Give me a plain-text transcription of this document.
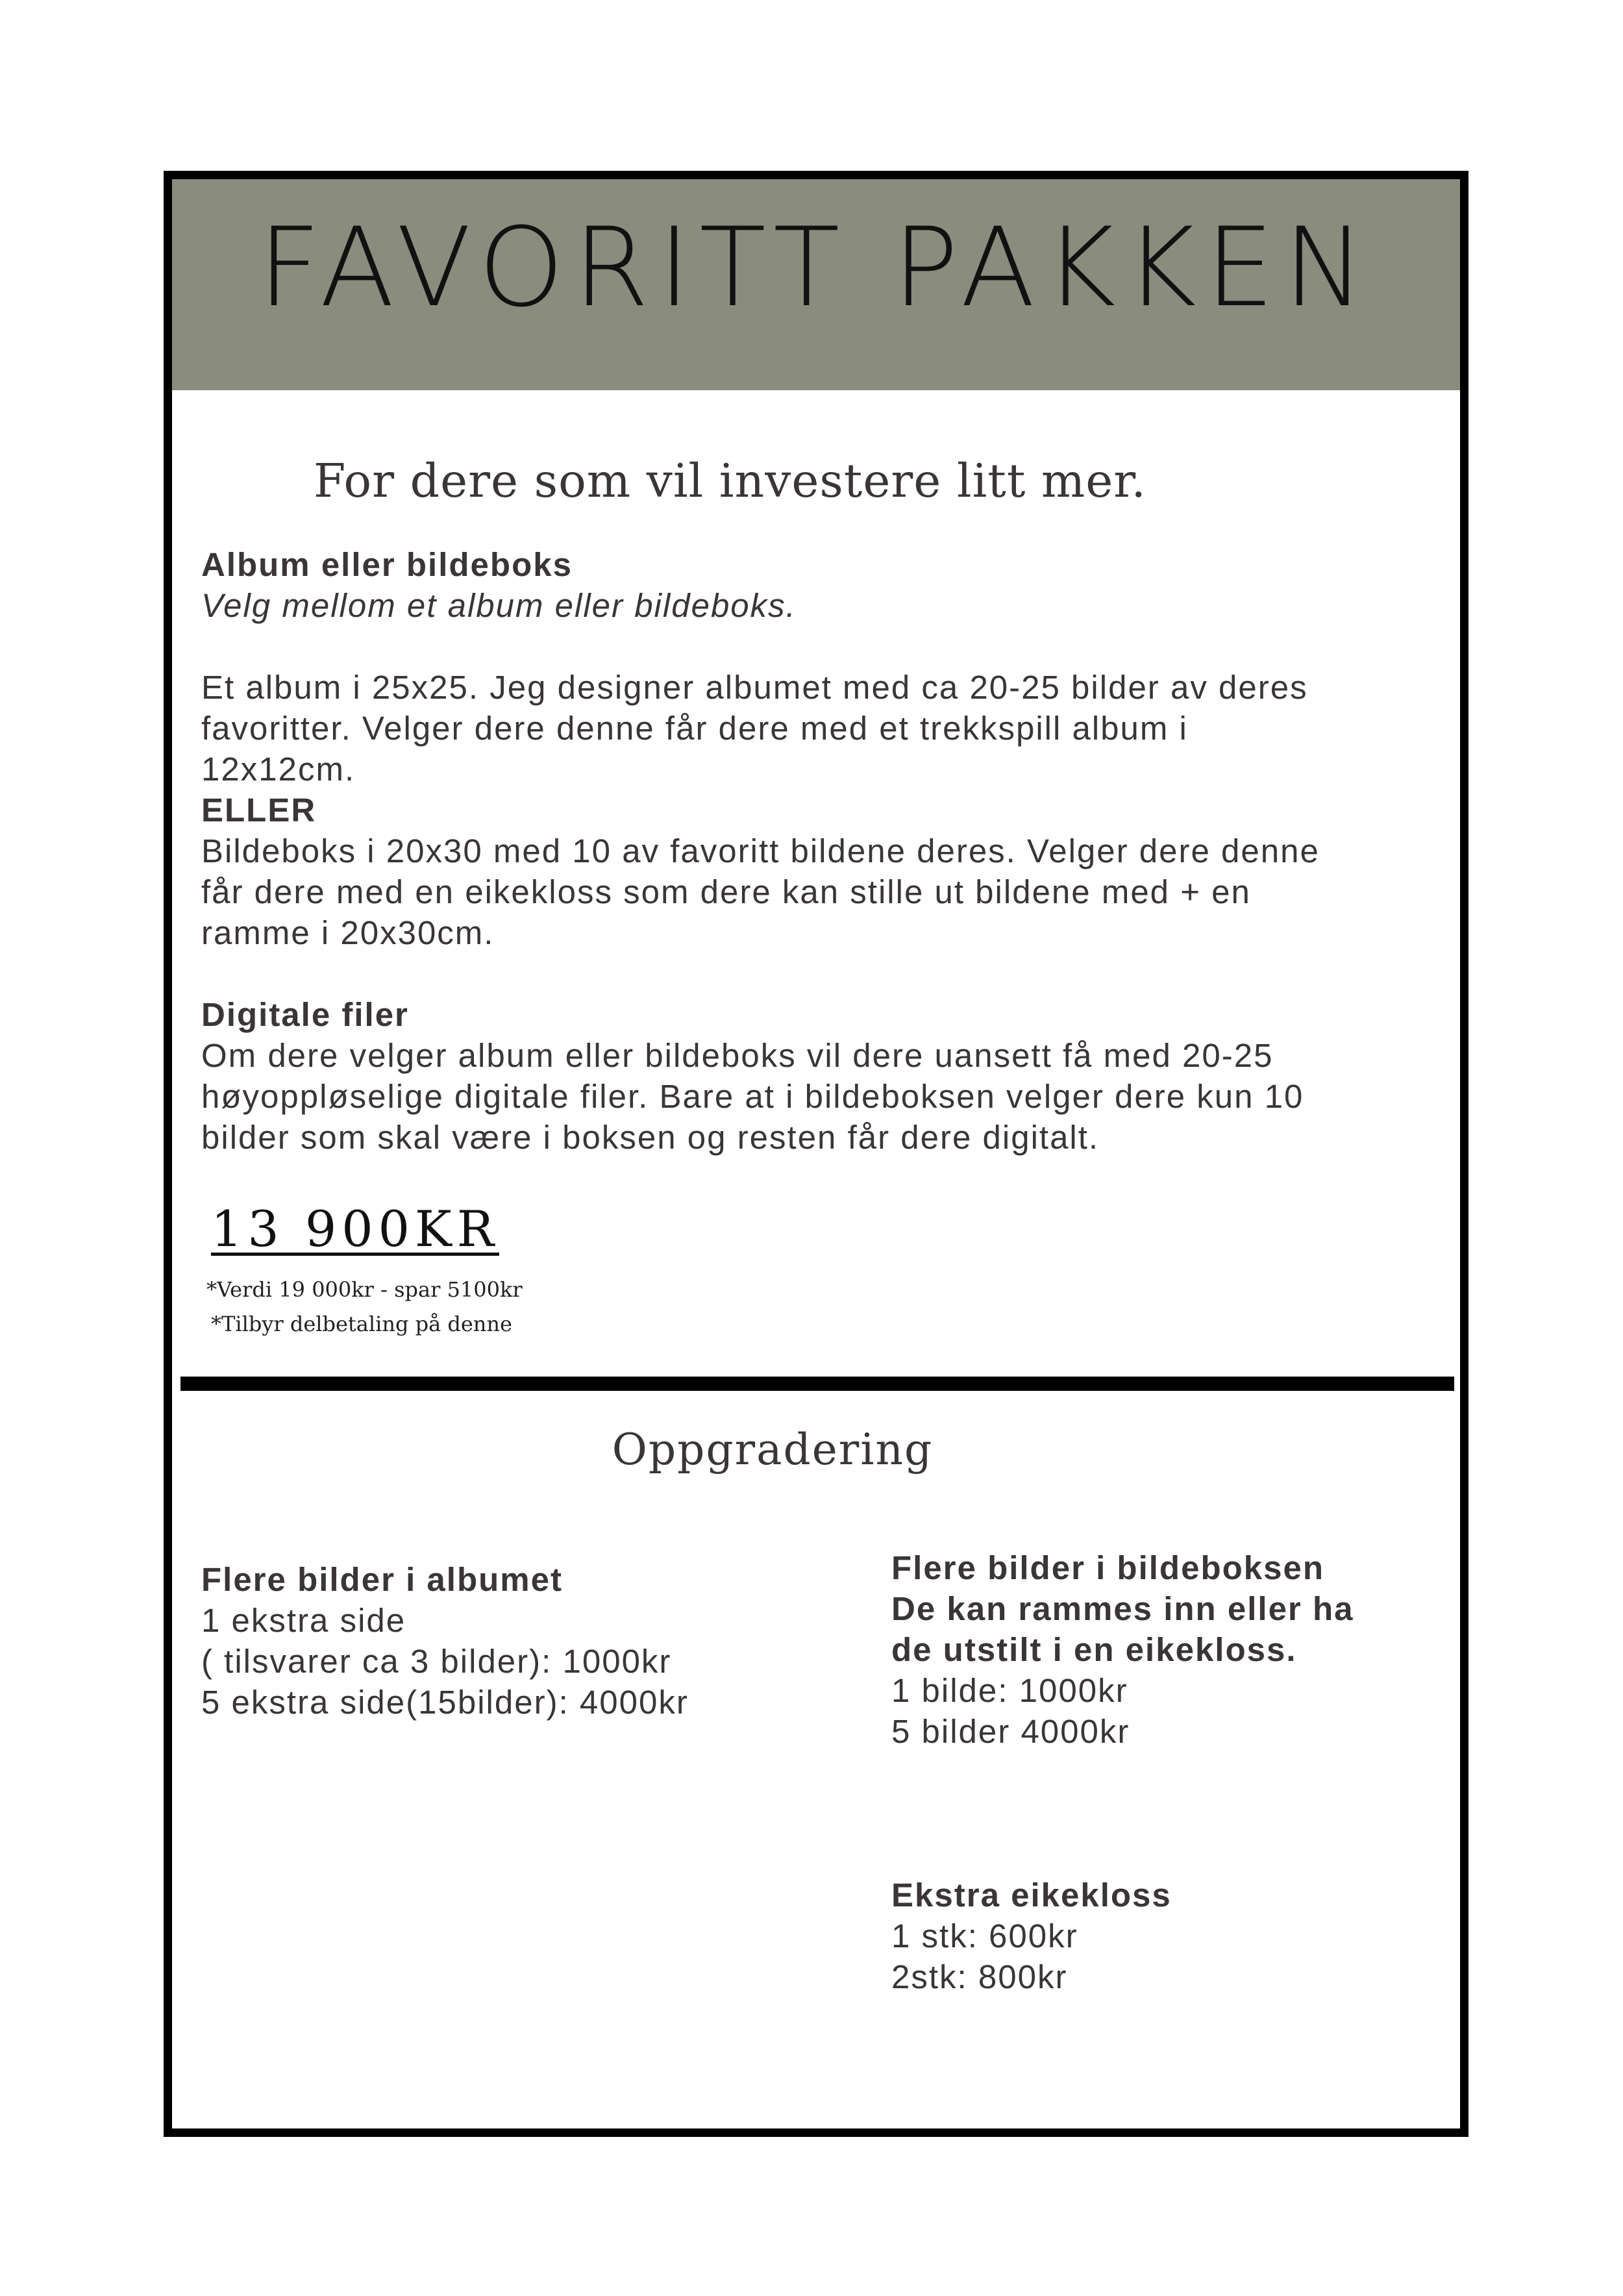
FAVORITT PAKKEN
For dere som vil investere litt mer.
Album eller bildeboks
Velg mellom et album eller bildeboks.

Et album i 25x25. Jeg designer albumet med ca 20-25 bilder av deres
favoritter. Velger dere denne får dere med et trekkspill album i
12x12cm.
ELLER
Bildeboks i 20x30 med 10 av favoritt bildene deres. Velger dere denne
får dere med en eikekloss som dere kan stille ut bildene med + en
ramme i 20x30cm.

Digitale filer
Om dere velger album eller bildeboks vil dere uansett få med 20-25
høyoppløselige digitale filer. Bare at i bildeboksen velger dere kun 10
bilder som skal være i boksen og resten får dere digitalt.
13 900KR
*Verdi 19 000kr - spar 5100kr
*Tilbyr delbetaling på denne
Oppgradering
Flere bilder i albumet
1 ekstra side
( tilsvarer ca 3 bilder): 1000kr
5 ekstra side(15bilder): 4000kr
Flere bilder i bildeboksen
De kan rammes inn eller ha
de utstilt i en eikekloss.
1 bilde: 1000kr
5 bilder 4000kr

Ekstra eikekloss
1 stk: 600kr
2stk: 800kr
